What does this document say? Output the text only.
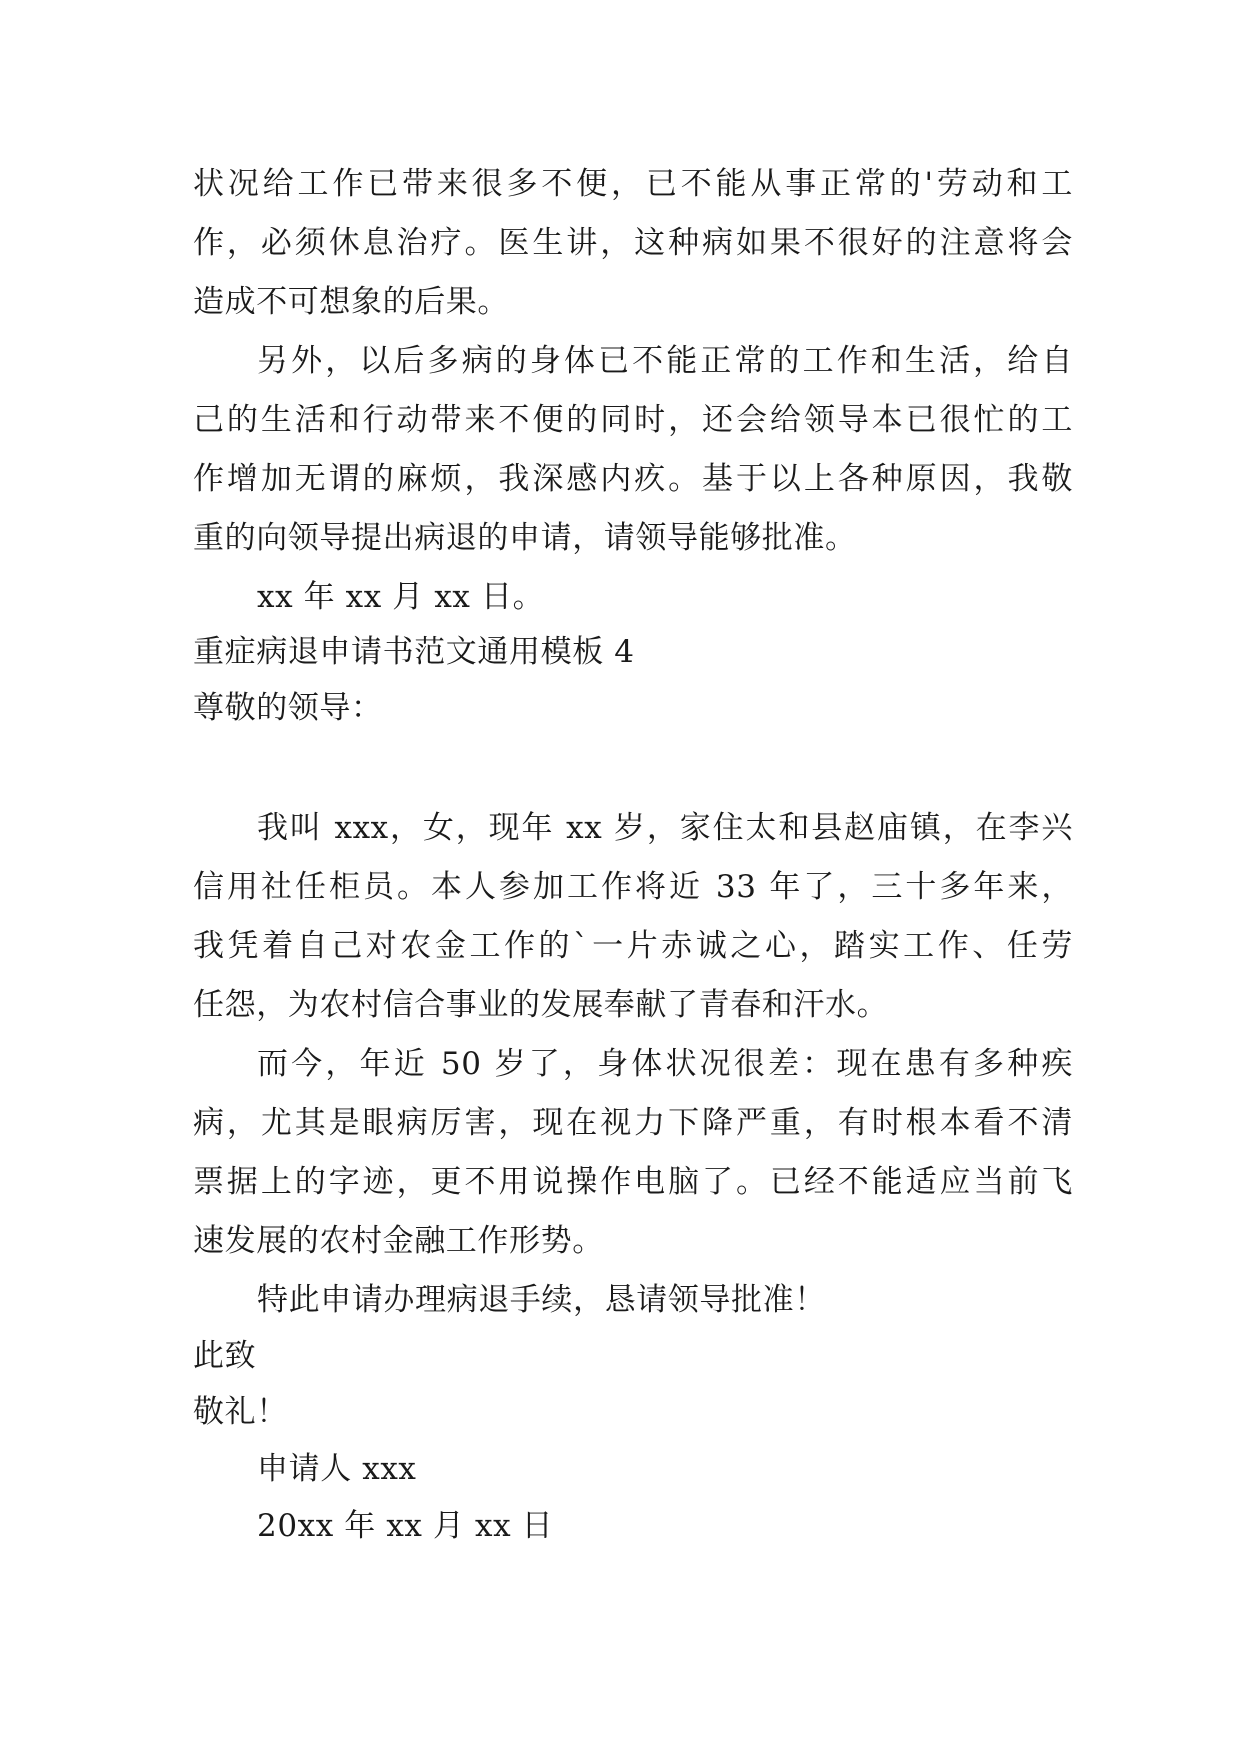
状况给工作已带来很多不便，已不能从事正常的'劳动和工
作，必须休息治疗。医生讲，这种病如果不很好的注意将会
造成不可想象的后果。
另外，以后多病的身体已不能正常的工作和生活，给自
己的生活和行动带来不便的同时，还会给领导本已很忙的工
作增加无谓的麻烦，我深感内疚。基于以上各种原因，我敬
重的向领导提出病退的申请，请领导能够批准。
xx 年 xx 月 xx 日。
重症病退申请书范文通用模板 4
尊敬的领导：
我叫 xxx，女，现年 xx 岁，家住太和县赵庙镇，在李兴
信用社任柜员。本人参加工作将近 33 年了，三十多年来，
我凭着自己对农金工作的`一片赤诚之心，踏实工作、任劳
任怨，为农村信合事业的发展奉献了青春和汗水。
而今，年近 50 岁了，身体状况很差：现在患有多种疾
病，尤其是眼病厉害，现在视力下降严重，有时根本看不清
票据上的字迹，更不用说操作电脑了。已经不能适应当前飞
速发展的农村金融工作形势。
特此申请办理病退手续，恳请领导批准！
此致
敬礼！
申请人 xxx
20xx 年 xx 月 xx 日
